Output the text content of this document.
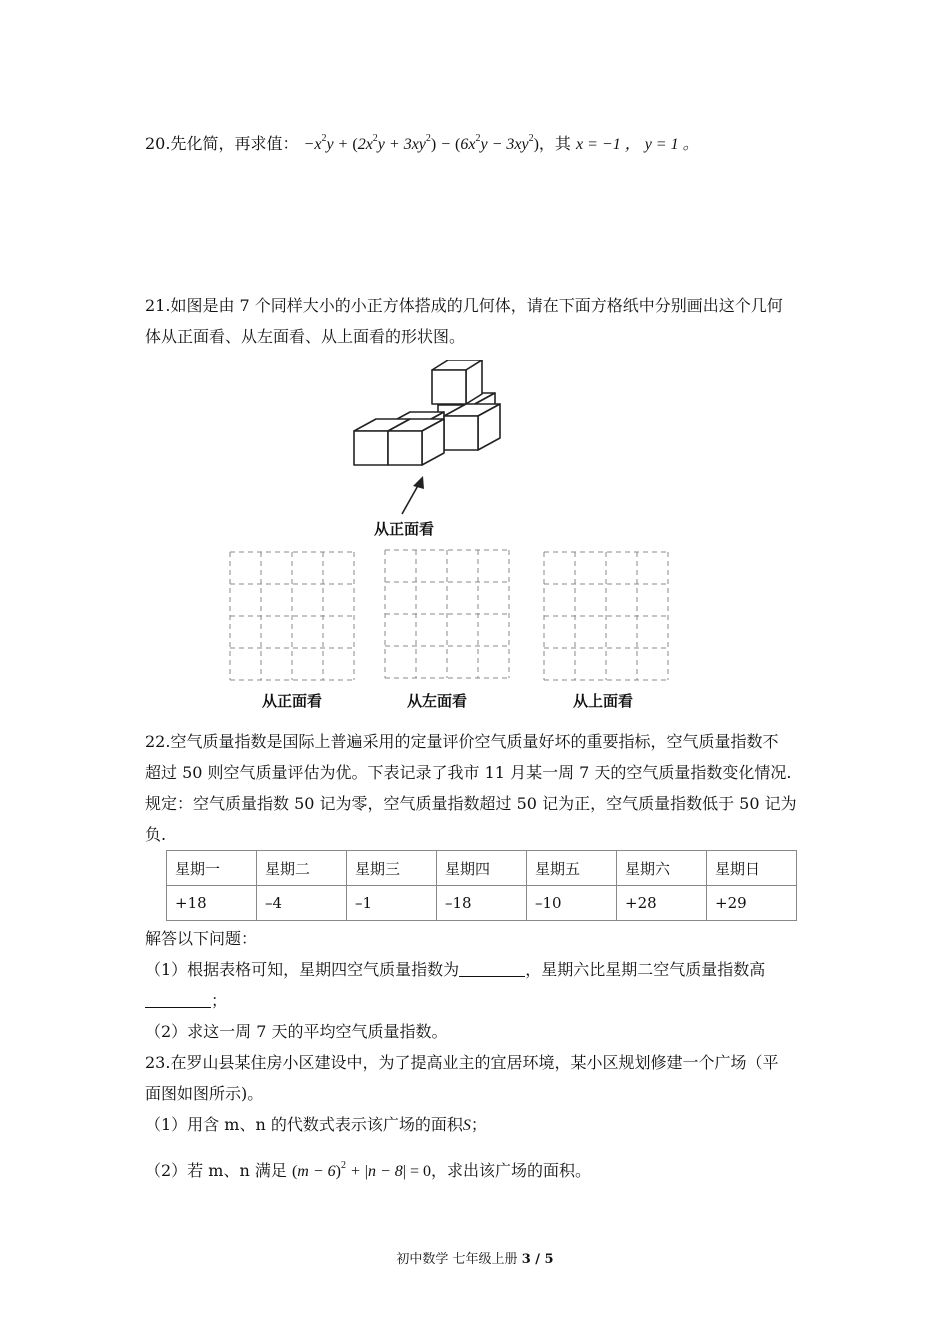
20.先化简，再求值： $-x^2y + (2x^2y + 3xy^2) - (6x^2y - 3xy^2)$，其 x = −1 ， y = 1 。

21.如图是由 7 个同样大小的小正方体搭成的几何体，请在下面方格纸中分别画出这个几何
体从正面看、从左面看、从上面看的形状图。

从正面看
从正面看	从左面看	从上面看

22.空气质量指数是国际上普遍采用的定量评价空气质量好坏的重要指标，空气质量指数不
超过 50 则空气质量评估为优。下表记录了我市 11 月某一周 7 天的空气质量指数变化情况.
规定：空气质量指数 50 记为零，空气质量指数超过 50 记为正，空气质量指数低于 50 记为
负.

星期一	星期二	星期三	星期四	星期五	星期六	星期日
+18	–4	–1	–18	–10	+28	+29

解答以下问题：
（1）根据表格可知，星期四空气质量指数为	，星期六比星期二空气质量指数高
；
（2）求这一周 7 天的平均空气质量指数。

23.在罗山县某住房小区建设中，为了提高业主的宜居环境，某小区规划修建一个广场（平
面图如图所示)。
（1）用含 m、n 的代数式表示该广场的面积S；

（2）若 m、n 满足 $(m - 6)^2 + |n - 8| = 0$，求出该广场的面积。

初中数学 七年级上册 3 / 5
